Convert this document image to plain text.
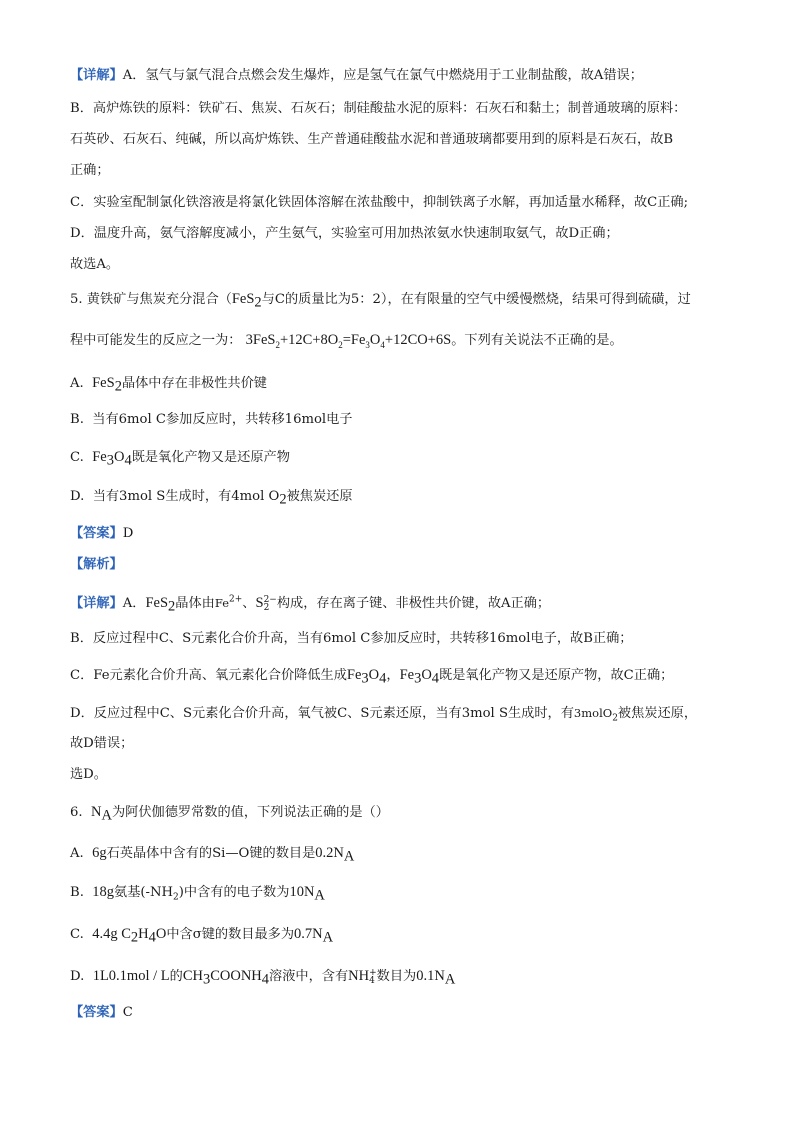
【详解】A．氢气与氯气混合点燃会发生爆炸，应是氢气在氯气中燃烧用于工业制盐酸，故A错误；
B．高炉炼铁的原料：铁矿石、焦炭、石灰石；制硅酸盐水泥的原料：石灰石和黏土；制普通玻璃的原料：
石英砂、石灰石、纯碱，所以高炉炼铁、生产普通硅酸盐水泥和普通玻璃都要用到的原料是石灰石，故B
正确；
C．实验室配制氯化铁溶液是将氯化铁固体溶解在浓盐酸中，抑制铁离子水解，再加适量水稀释，故C正确;
D．温度升高，氨气溶解度减小，产生氨气，实验室可用加热浓氨水快速制取氨气，故D正确；
故选A。
5. 黄铁矿与焦炭充分混合（FeS$_2$与C的质量比为5：2），在有限量的空气中缓慢燃烧，结果可得到硫磺，过
程中可能发生的反应之一为： $3FeS_2+12C+8O_2=Fe_3O_4+12CO+6S$。下列有关说法不正确的是。
A. FeS$_2$晶体中存在非极性共价键
B. 当有6mol C参加反应时，共转移16mol电子
C. $Fe_3O_4$既是氧化产物又是还原产物
D. 当有3mol S生成时，有4mol $O_2$被焦炭还原
【答案】D
【解析】
【详解】A．FeS$_2$晶体由$Fe^{2+}$、S 2−
2 构成，存在离子键、非极性共价键，故A正确；
B．反应过程中C、S元素化合价升高，当有6mol C参加反应时，共转移16mol电子，故B正确；
C．Fe元素化合价升高、氧元素化合价降低生成$Fe_3O_4$，$Fe_3O_4$既是氧化产物又是还原产物，故C正确；
D．反应过程中C、S元素化合价升高，氧气被C、S元素还原，当有3mol S生成时，有3molO$_2$被焦炭还原，
故D错误；
选D。
6. $N_A$为阿伏伽德罗常数的值，下列说法正确的是（）
A. 6g石英晶体中含有的Si—O键的数目是$0.2N_A$
B. 18g氨基$(-NH_2)$中含有的电子数为$10N_A$
C. 4.4g $C_2H_4O$中含σ键的数目最多为$0.7N_A$
D. 1L0.1mol / L的$CH_3COONH_4$溶液中，含有NH +
4 数目为$0.1N_A$
【答案】C
